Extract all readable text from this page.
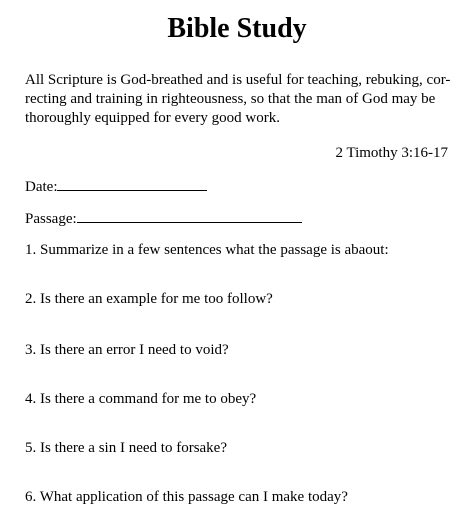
Bible Study
All Scripture is God-breathed and is useful for teaching, rebuking, cor-
recting and training in righteousness, so that the man of God may be
thoroughly equipped for every good work.
2 Timothy 3:16-17
Date:
Passage:
1. Summarize in a few sentences what the passage is abaout:
2. Is there an example for me too follow?
3. Is there an error I need to void?
4. Is there a command for me to obey?
5. Is there a sin I need to forsake?
6. What application of this passage can I make today?
